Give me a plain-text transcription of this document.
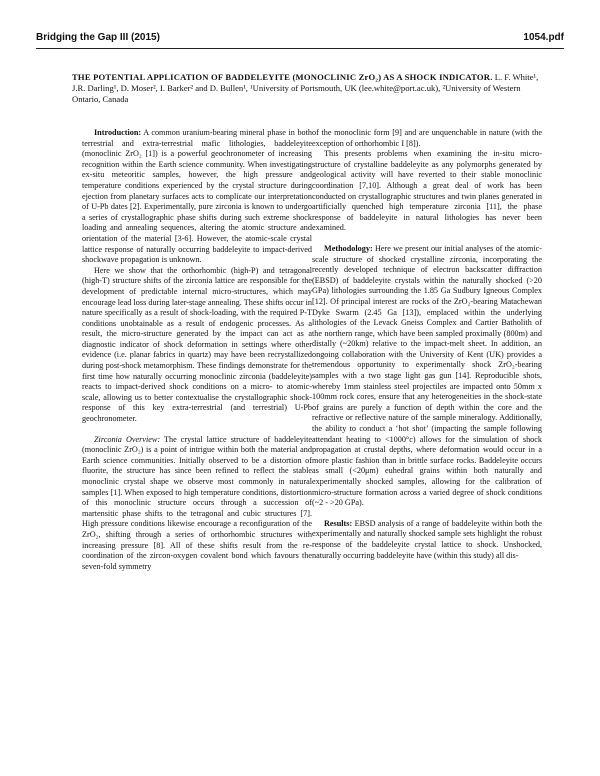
Bridging the Gap III (2015)	1054.pdf
THE POTENTIAL APPLICATION OF BADDELEYITE (MONOCLINIC ZrO₂) AS A SHOCK INDICATOR. L. F. White¹, J.R. Darling¹, D. Moser², I. Barker² and D. Bullen¹, ¹University of Portsmouth, UK (lee.white@port.ac.uk), ²University of Western Ontario, Canada

Introduction: A common uranium-bearing mineral phase in both terrestrial and extra-terrestrial mafic lithologies, baddeleyite (monoclinic ZrO₂ [1]) is a powerful geochronometer of increasing recognition within the Earth science community. When investigating ex-situ meteoritic samples, however, the high pressure and temperature conditions experienced by the crystal structure during ejection from planetary surfaces acts to complicate our interpretation of U-Pb dates [2]. Experimentally, pure zirconia is known to undergo a series of crystallographic phase shifts during such extreme shock loading and annealing sequences, altering the atomic structure and orientation of the material [3-6]. However, the atomic-scale crystal lattice response of naturally occurring baddeleyite to impact-derived shockwave propagation is unknown.

Here we show that the orthorhombic (high-P) and tetragonal (high-T) structure shifts of the zirconia lattice are responsible for the development of predictable internal micro-structures, which may encourage lead loss during later-stage annealing. These shifts occur in nature specifically as a result of shock-loading, with the required P-T conditions unobtainable as a result of endogenic processes. As a result, the micro-structure generated by the impact can act as a diagnostic indicator of shock deformation in settings where other evidence (i.e. planar fabrics in quartz) may have been recrystallized during post-shock metamorphism. These findings demonstrate for the first time how naturally occurring monoclinic zirconia (baddeleyite) reacts to impact-derived shock conditions on a micro- to atomic-scale, allowing us to better contextualise the crystallographic shock-response of this key extra-terrestrial (and terrestrial) U-Pb geochronometer.

Zirconia Overview: The crystal lattice structure of baddeleyite (monoclinic ZrO₂) is a point of intrigue within both the material and Earth science communities. Initially observed to be a distortion of fluorite, the structure has since been refined to reflect the stable monoclinic crystal shape we observe most commonly in natural samples [1]. When exposed to high temperature conditions, distortion of this monoclinic structure occurs through a succession of martensitic phase shifts to the tetragonal and cubic structures [7]. High pressure conditions likewise encourage a reconfiguration of the ZrO₂, shifting through a series of orthorhombic structures with increasing pressure [8]. All of these shifts result from the re-coordination of the zircon-oxygen covalent bond which favours the seven-fold symmetry

of the monoclinic form [9] and are unquenchable in nature (with the exception of orthorhombic I [8]).

This presents problems when examining the in-situ micro-structure of crystalline baddeleyite as any polymorphs generated by geological activity will have reverted to their stable monoclinic coordination [7,10]. Although a great deal of work has been conducted on crystallographic structures and twin planes generated in artificially quenched high temperature zirconia [11], the phase response of baddeleyite in natural lithologies has never been examined.

Methodology: Here we present our initial analyses of the atomic-scale structure of shocked crystalline zirconia, incorporating the recently developed technique of electron backscatter diffraction (EBSD) of baddeleyite crystals within the naturally shocked (>20 GPa) lithologies surrounding the 1.85 Ga Sudbury Igneous Complex [12]. Of principal interest are rocks of the ZrO₂-bearing Matachewan Dyke Swarm (2.45 Ga [13]), emplaced within the underlying lithologies of the Levack Gneiss Complex and Cartier Batholith of the northern range, which have been sampled proximally (800m) and distally (~20km) relative to the impact-melt sheet. In addition, an ongoing collaboration with the University of Kent (UK) provides a tremendous opportunity to experimentally shock ZrO₂-bearing samples with a two stage light gas gun [14]. Reproducible shots, whereby 1mm stainless steel projectiles are impacted onto 50mm x 100mm rock cores, ensure that any heterogeneities in the shock-state of grains are purely a function of depth within the core and the refractive or reflective nature of the sample mineralogy. Additionally, the ability to conduct a ‘hot shot’ (impacting the sample following attendant heating to <1000°c) allows for the simulation of shock propagation at crustal depths, where deformation would occur in a more plastic fashion than in brittle surface rocks. Baddeleyite occurs as small (<20μm) euhedral grains within both naturally and experimentally shocked samples, allowing for the calibration of micro-structure formation across a varied degree of shock conditions (~2 - >20 GPa).

Results: EBSD analysis of a range of baddeleyite within both the experimentally and naturally shocked sample sets highlight the robust response of the baddeleyite crystal lattice to shock. Unshocked, naturally occurring baddeleyite have (within this study) all dis-
